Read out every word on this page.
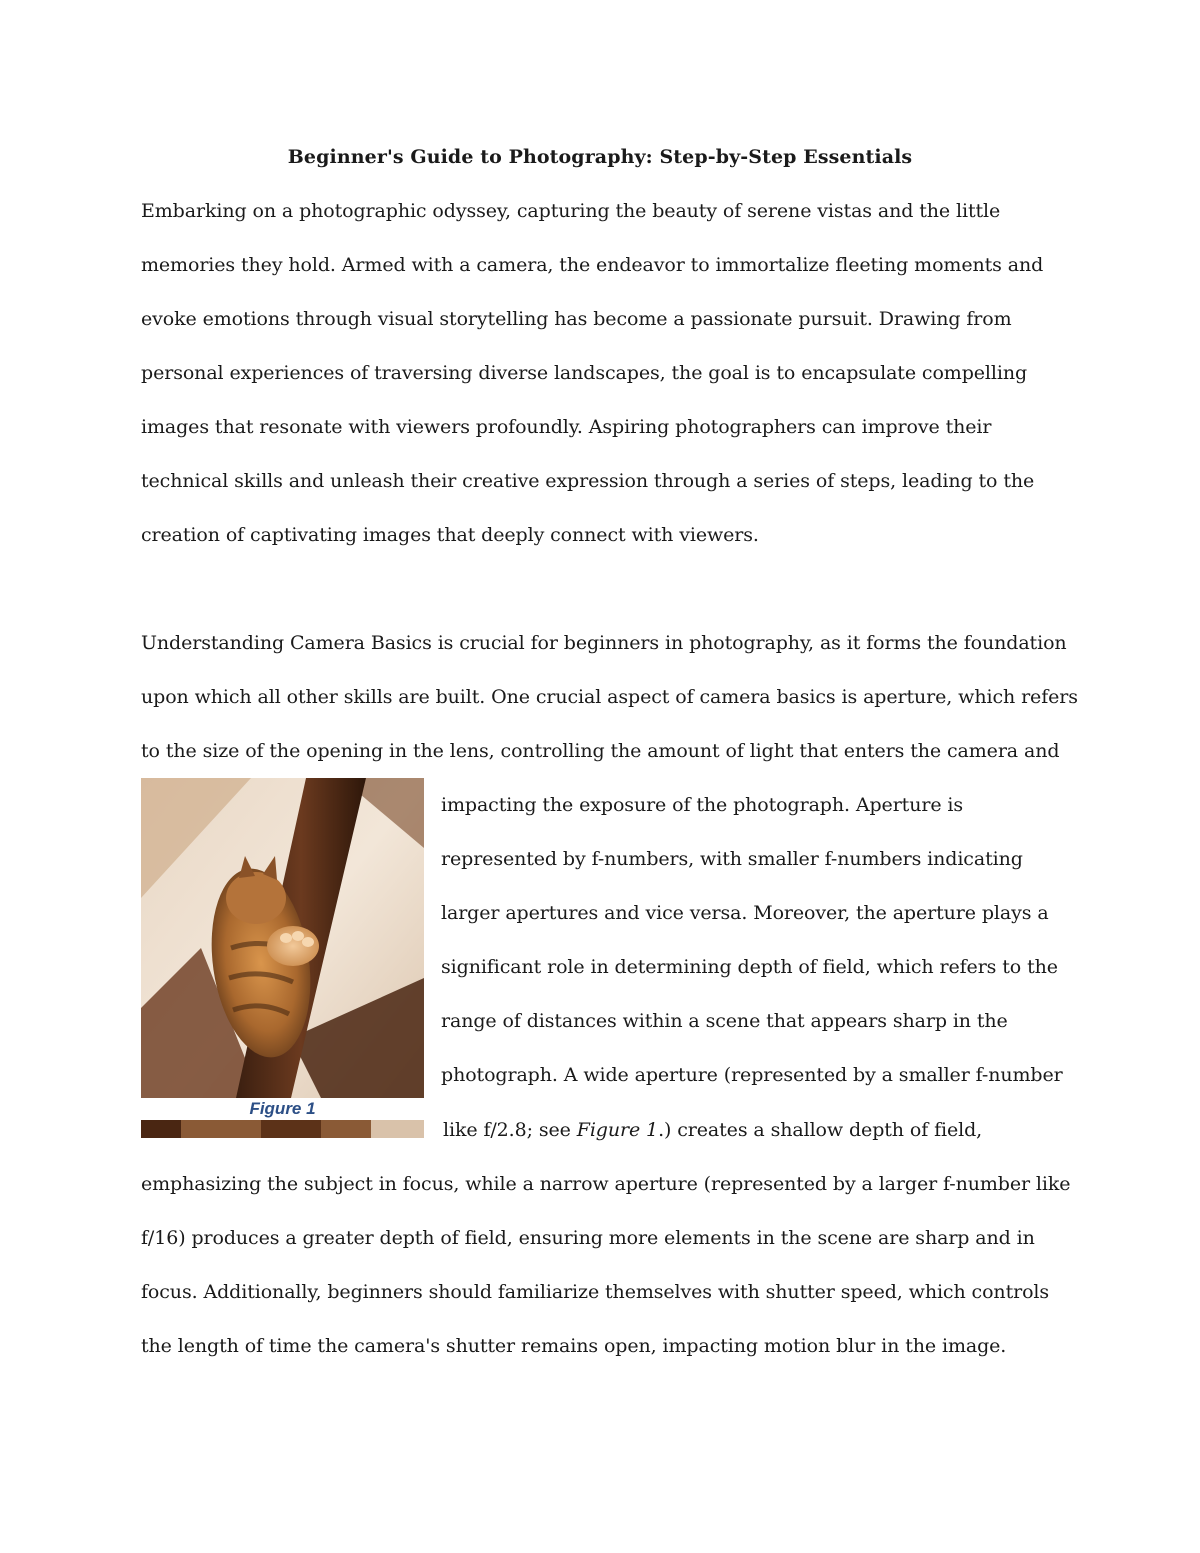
Beginner's Guide to Photography: Step-by-Step Essentials
Embarking on a photographic odyssey, capturing the beauty of serene vistas and the little
memories they hold. Armed with a camera, the endeavor to immortalize fleeting moments and
evoke emotions through visual storytelling has become a passionate pursuit. Drawing from
personal experiences of traversing diverse landscapes, the goal is to encapsulate compelling
images that resonate with viewers profoundly. Aspiring photographers can improve their
technical skills and unleash their creative expression through a series of steps, leading to the
creation of captivating images that deeply connect with viewers.
Understanding Camera Basics is crucial for beginners in photography, as it forms the foundation
upon which all other skills are built. One crucial aspect of camera basics is aperture, which refers
to the size of the opening in the lens, controlling the amount of light that enters the camera and
Figure 1
impacting the exposure of the photograph. Aperture is
represented by f-numbers, with smaller f-numbers indicating
larger apertures and vice versa. Moreover, the aperture plays a
significant role in determining depth of field, which refers to the
range of distances within a scene that appears sharp in the
photograph. A wide aperture (represented by a smaller f-number
like f/2.8; see Figure 1.) creates a shallow depth of field,
emphasizing the subject in focus, while a narrow aperture (represented by a larger f-number like
f/16) produces a greater depth of field, ensuring more elements in the scene are sharp and in
focus. Additionally, beginners should familiarize themselves with shutter speed, which controls
the length of time the camera's shutter remains open, impacting motion blur in the image.
